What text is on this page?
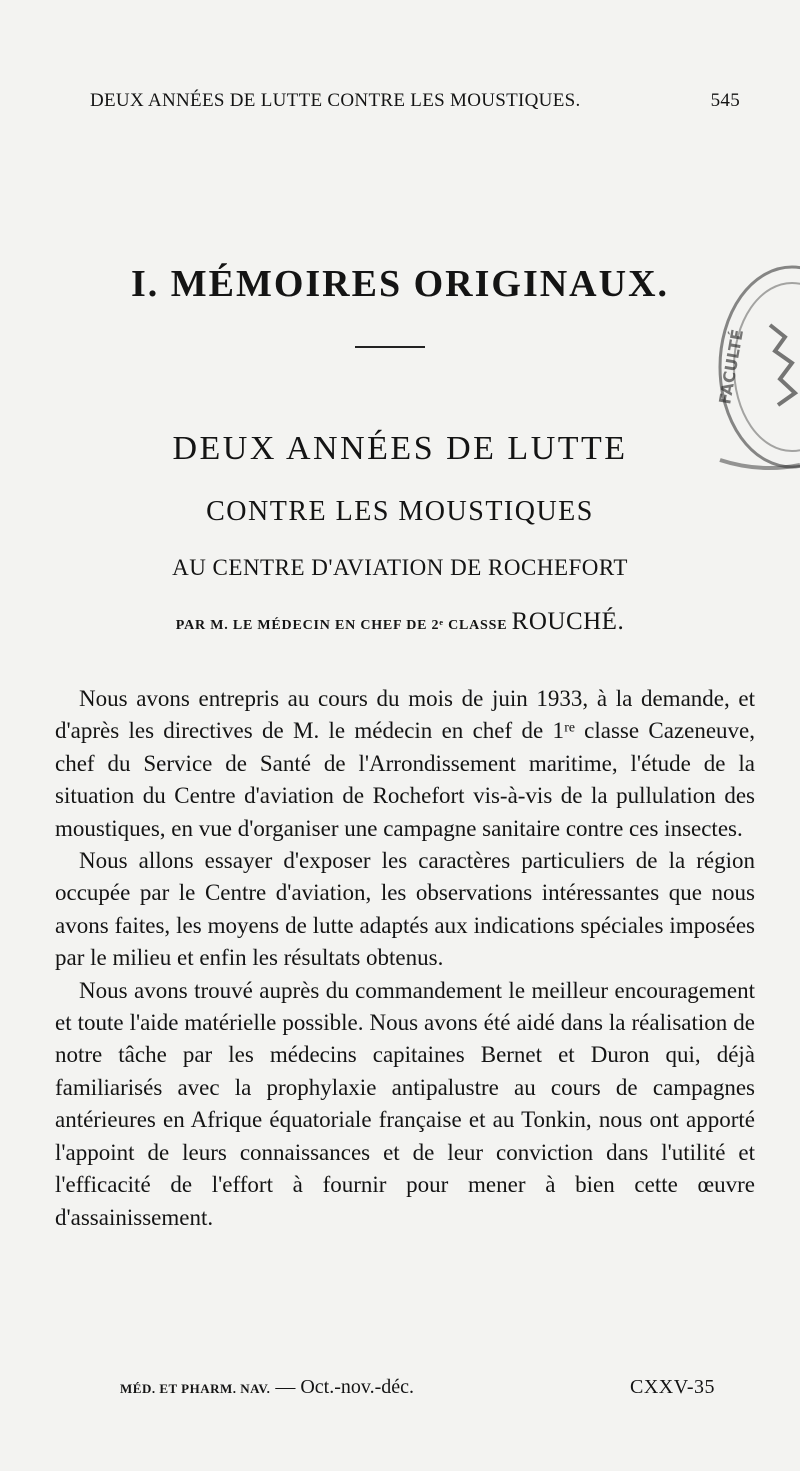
DEUX ANNÉES DE LUTTE CONTRE LES MOUSTIQUES.	545
I. MÉMOIRES ORIGINAUX.
DEUX ANNÉES DE LUTTE
CONTRE LES MOUSTIQUES
AU CENTRE D'AVIATION DE ROCHEFORT
PAR M. LE MÉDECIN EN CHEF DE 2ᵉ CLASSE ROUCHÉ.

Nous avons entrepris au cours du mois de juin 1933, à la demande, et d'après les directives de M. le médecin en chef de 1ʳᵉ classe Cazeneuve, chef du Service de Santé de l'Arrondissement maritime, l'étude de la situation du Centre d'aviation de Rochefort vis-à-vis de la pullulation des moustiques, en vue d'organiser une campagne sanitaire contre ces insectes.

Nous allons essayer d'exposer les caractères particuliers de la région occupée par le Centre d'aviation, les observations intéressantes que nous avons faites, les moyens de lutte adaptés aux indications spéciales imposées par le milieu et enfin les résultats obtenus.

Nous avons trouvé auprès du commandement le meilleur encouragement et toute l'aide matérielle possible. Nous avons été aidé dans la réalisation de notre tâche par les médecins capitaines Bernet et Duron qui, déjà familiarisés avec la prophylaxie antipalustre au cours de campagnes antérieures en Afrique équatoriale française et au Tonkin, nous ont apporté l'appoint de leurs connaissances et de leur conviction dans l'utilité et l'efficacité de l'effort à fournir pour mener à bien cette œuvre d'assainissement.

MÉD. ET PHARM. NAV. — Oct.-nov.-déc.	CXXV-35
FACULTÉ
